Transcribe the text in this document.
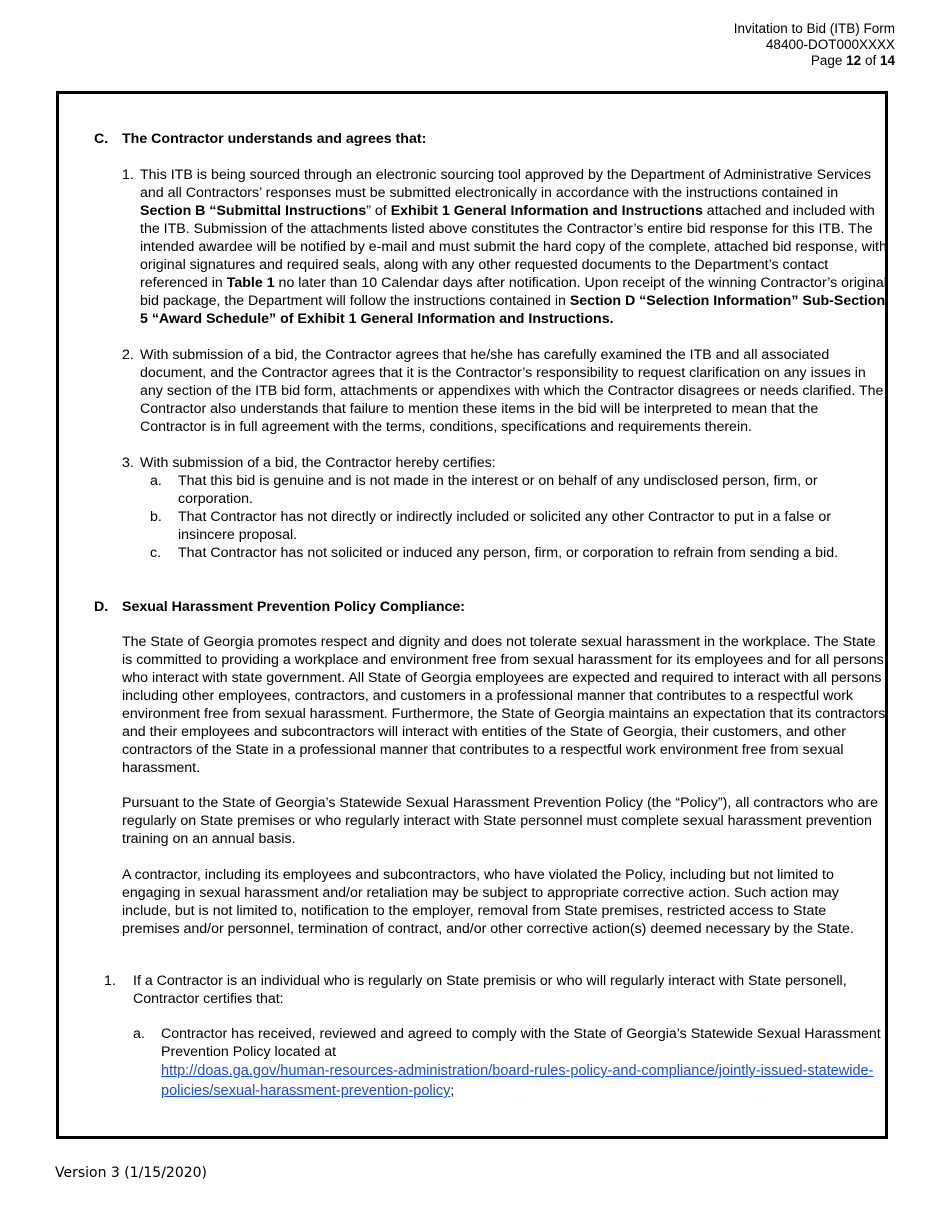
Invitation to Bid (ITB) Form
48400-DOT000XXXX
Page 12 of 14
C. The Contractor understands and agrees that:
1. This ITB is being sourced through an electronic sourcing tool approved by the Department of Administrative Services and all Contractors’ responses must be submitted electronically in accordance with the instructions contained in Section B “Submittal Instructions” of Exhibit 1 General Information and Instructions attached and included with the ITB. Submission of the attachments listed above constitutes the Contractor’s entire bid response for this ITB. The intended awardee will be notified by e-mail and must submit the hard copy of the complete, attached bid response, with original signatures and required seals, along with any other requested documents to the Department’s contact referenced in Table 1 no later than 10 Calendar days after notification. Upon receipt of the winning Contractor’s original bid package, the Department will follow the instructions contained in Section D “Selection Information” Sub-Section 5 “Award Schedule” of Exhibit 1 General Information and Instructions.
2. With submission of a bid, the Contractor agrees that he/she has carefully examined the ITB and all associated document, and the Contractor agrees that it is the Contractor’s responsibility to request clarification on any issues in any section of the ITB bid form, attachments or appendixes with which the Contractor disagrees or needs clarified. The Contractor also understands that failure to mention these items in the bid will be interpreted to mean that the Contractor is in full agreement with the terms, conditions, specifications and requirements therein.
3. With submission of a bid, the Contractor hereby certifies:
a. That this bid is genuine and is not made in the interest or on behalf of any undisclosed person, firm, or corporation.
b. That Contractor has not directly or indirectly included or solicited any other Contractor to put in a false or insincere proposal.
c. That Contractor has not solicited or induced any person, firm, or corporation to refrain from sending a bid.
D. Sexual Harassment Prevention Policy Compliance:
The State of Georgia promotes respect and dignity and does not tolerate sexual harassment in the workplace. The State is committed to providing a workplace and environment free from sexual harassment for its employees and for all persons who interact with state government. All State of Georgia employees are expected and required to interact with all persons including other employees, contractors, and customers in a professional manner that contributes to a respectful work environment free from sexual harassment. Furthermore, the State of Georgia maintains an expectation that its contractors and their employees and subcontractors will interact with entities of the State of Georgia, their customers, and other contractors of the State in a professional manner that contributes to a respectful work environment free from sexual harassment.
Pursuant to the State of Georgia’s Statewide Sexual Harassment Prevention Policy (the “Policy”), all contractors who are regularly on State premises or who regularly interact with State personnel must complete sexual harassment prevention training on an annual basis.
A contractor, including its employees and subcontractors, who have violated the Policy, including but not limited to engaging in sexual harassment and/or retaliation may be subject to appropriate corrective action. Such action may include, but is not limited to, notification to the employer, removal from State premises, restricted access to State premises and/or personnel, termination of contract, and/or other corrective action(s) deemed necessary by the State.
1. If a Contractor is an individual who is regularly on State premisis or who will regularly interact with State personell, Contractor certifies that:
a. Contractor has received, reviewed and agreed to comply with the State of Georgia’s Statewide Sexual Harassment Prevention Policy located at
http://doas.ga.gov/human-resources-administration/board-rules-policy-and-compliance/jointly-issued-statewide-policies/sexual-harassment-prevention-policy;
Version 3 (1/15/2020)
